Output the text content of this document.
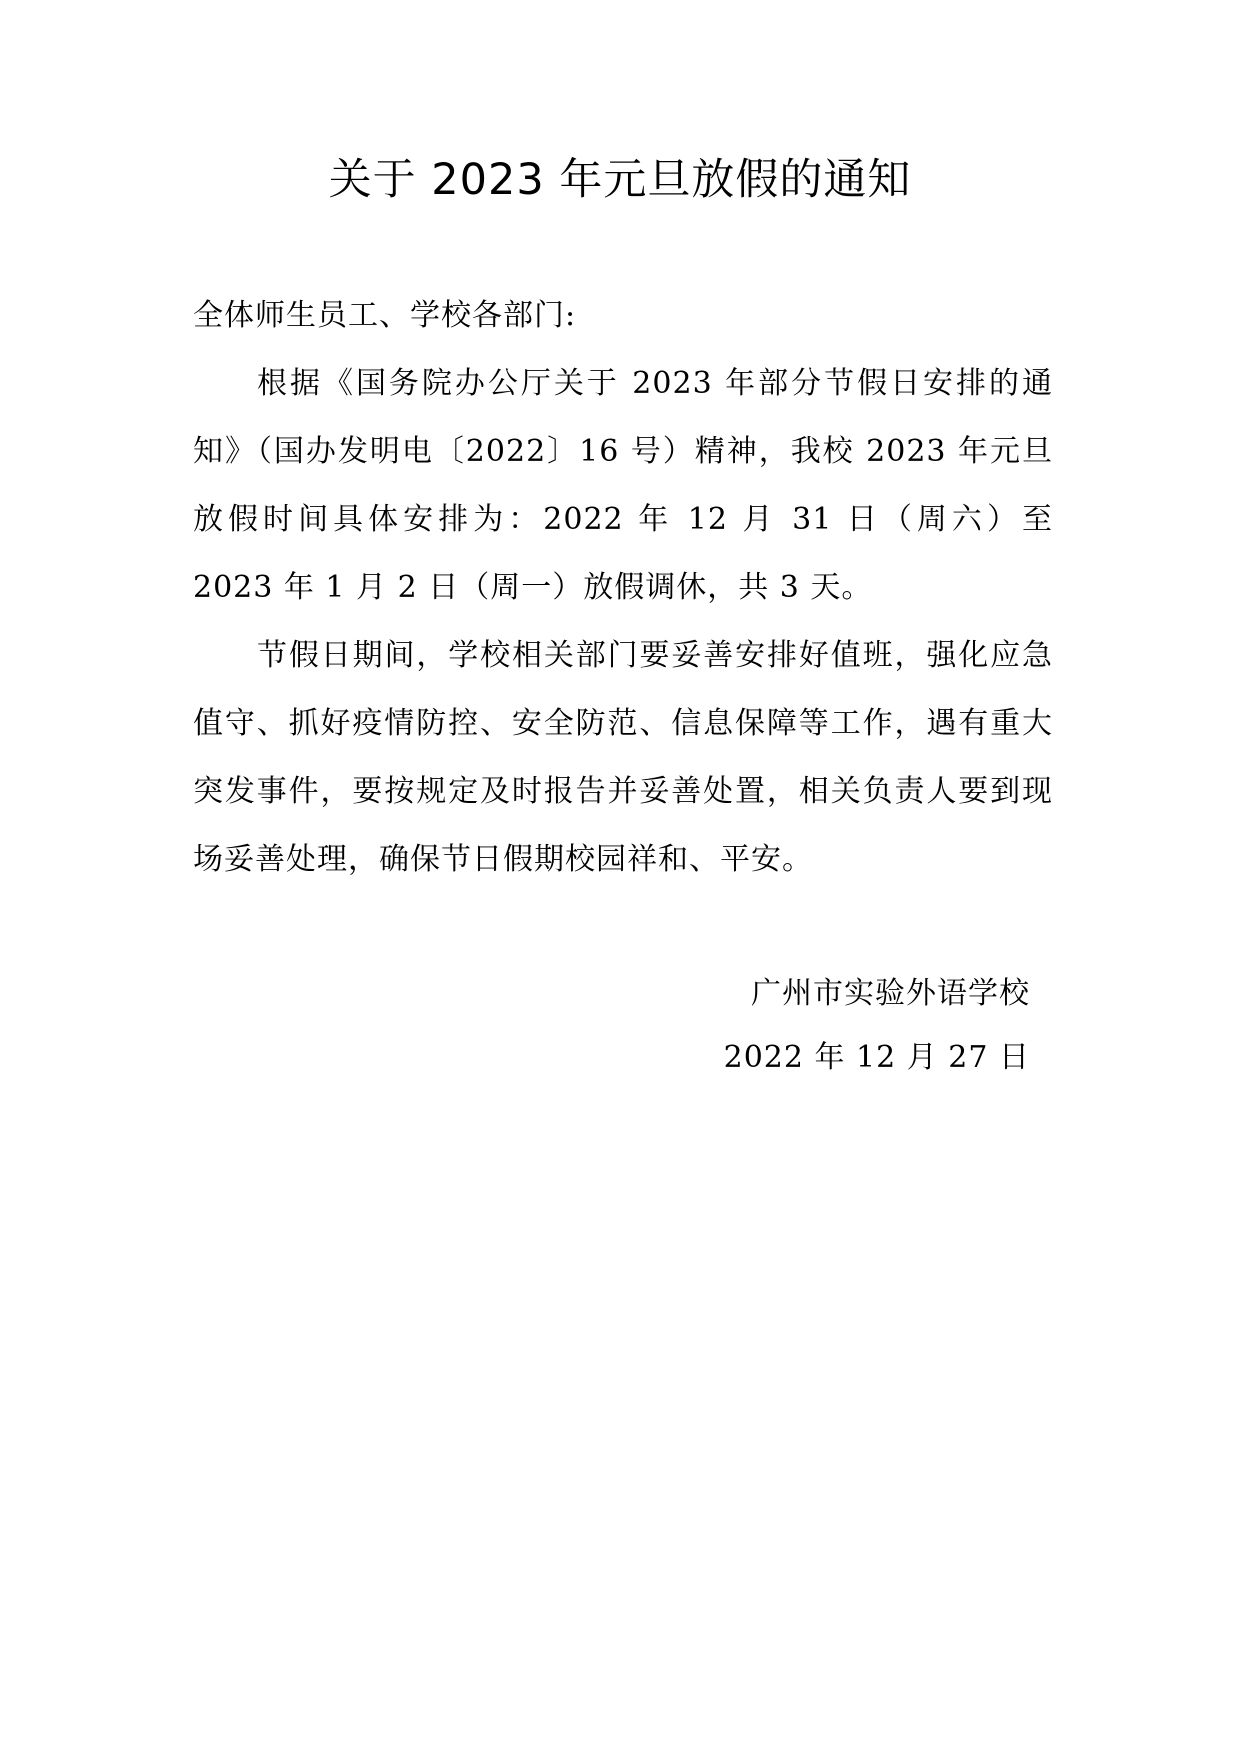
关于 2023 年元旦放假的通知

全体师生员工、学校各部门:

根据《国务院办公厅关于 2023 年部分节假日安排的通知》（国办发明电〔2022〕16 号）精神，我校 2023 年元旦放假时间具体安排为：2022 年 12 月 31 日（周六）至 2023 年 1 月 2 日（周一）放假调休，共 3 天。

节假日期间，学校相关部门要妥善安排好值班，强化应急值守、抓好疫情防控、安全防范、信息保障等工作，遇有重大突发事件，要按规定及时报告并妥善处置，相关负责人要到现场妥善处理，确保节日假期校园祥和、平安。

广州市实验外语学校
2022 年 12 月 27 日
